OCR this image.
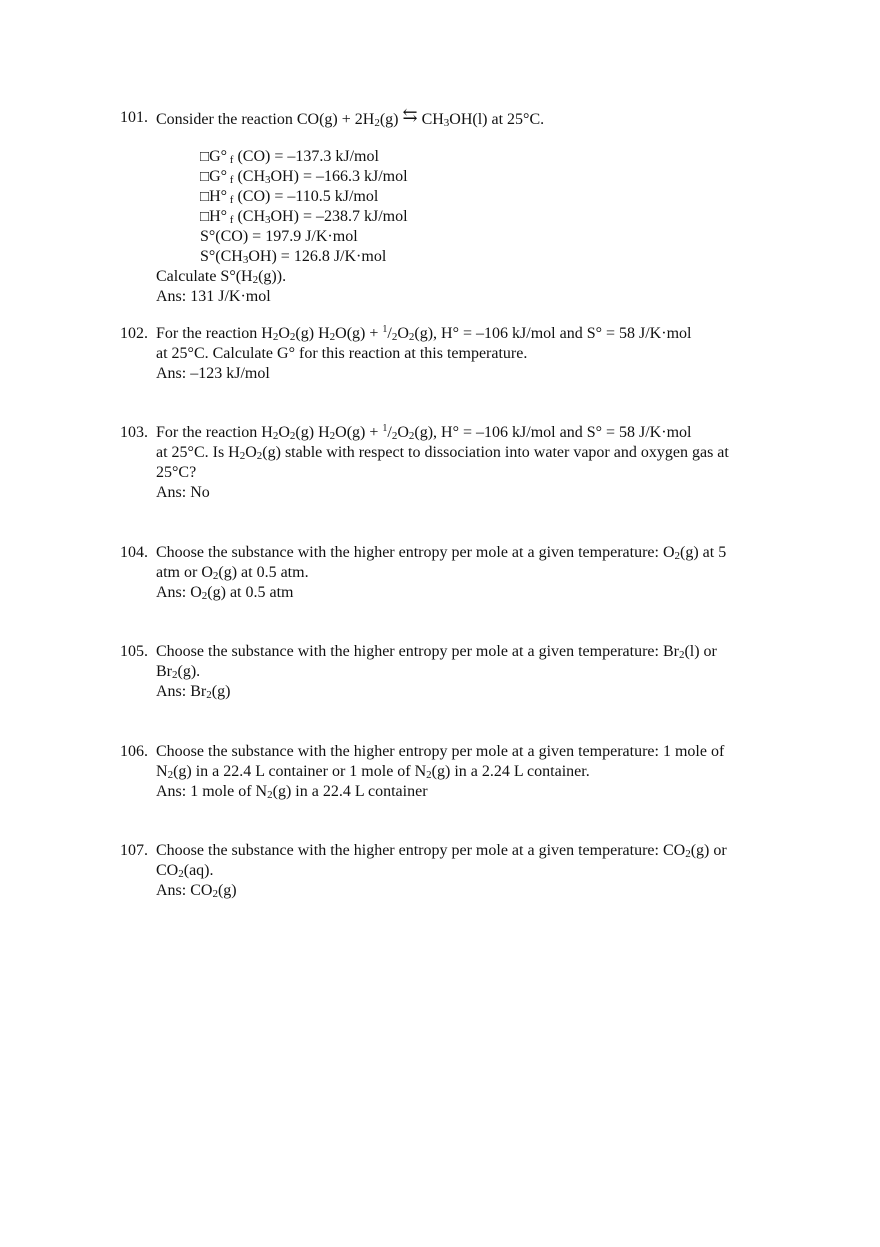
101. Consider the reaction CO(g) + 2H2(g) ⇆ CH3OH(l) at 25°C.
□G° f (CO) = –137.3 kJ/mol
□G° f (CH3OH) = –166.3 kJ/mol
□H° f (CO) = –110.5 kJ/mol
□H° f (CH3OH) = –238.7 kJ/mol
S°(CO) = 197.9 J/K·mol
S°(CH3OH) = 126.8 J/K·mol
Calculate S°(H2(g)).
Ans: 131 J/K·mol
102. For the reaction H2O2(g) H2O(g) + $^1$/2O2(g), H° = –106 kJ/mol and S° = 58 J/K·mol
at 25°C. Calculate G° for this reaction at this temperature.
Ans: –123 kJ/mol
103. For the reaction H2O2(g) H2O(g) + $^1$/2O2(g), H° = –106 kJ/mol and S° = 58 J/K·mol
at 25°C. Is H2O2(g) stable with respect to dissociation into water vapor and oxygen gas at
25°C?
Ans: No
104. Choose the substance with the higher entropy per mole at a given temperature: O2(g) at 5
atm or O2(g) at 0.5 atm.
Ans: O2(g) at 0.5 atm
105. Choose the substance with the higher entropy per mole at a given temperature: Br2(l) or
Br2(g).
Ans: Br2(g)
106. Choose the substance with the higher entropy per mole at a given temperature: 1 mole of
N2(g) in a 22.4 L container or 1 mole of N2(g) in a 2.24 L container.
Ans: 1 mole of N2(g) in a 22.4 L container
107. Choose the substance with the higher entropy per mole at a given temperature: CO2(g) or
CO2(aq).
Ans: CO2(g)
